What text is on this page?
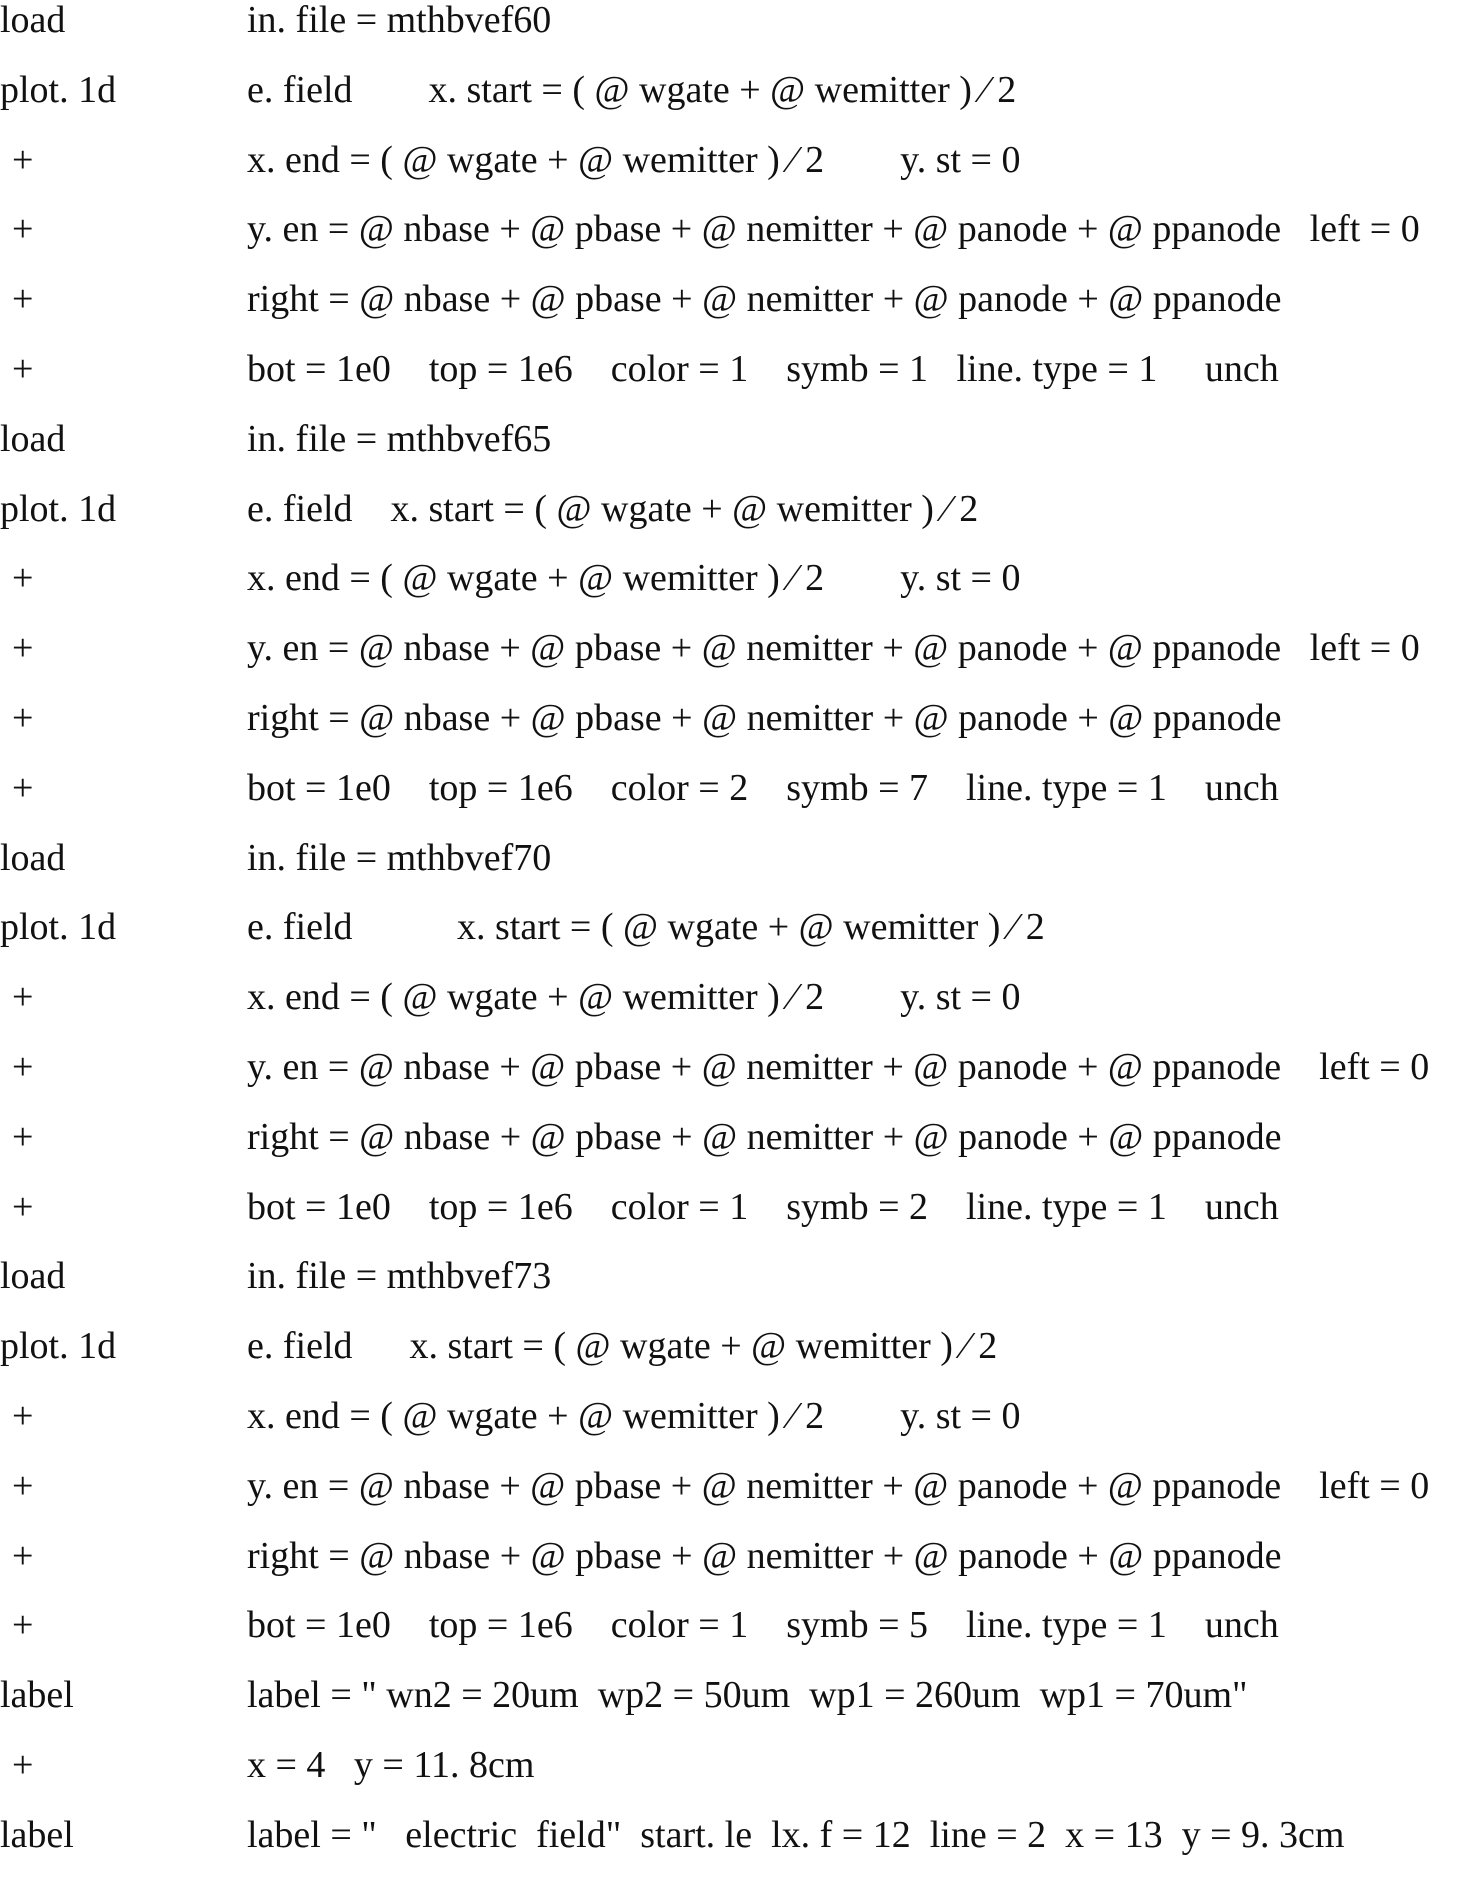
load	in. file = mthbvef60
plot. 1d	e. field        x. start = ( @ wgate + @ wemitter ) ⁄ 2
+	x. end = ( @ wgate + @ wemitter ) ⁄ 2        y. st = 0
+	y. en = @ nbase + @ pbase + @ nemitter + @ panode + @ ppanode   left = 0
+	right = @ nbase + @ pbase + @ nemitter + @ panode + @ ppanode
+	bot = 1e0    top = 1e6    color = 1    symb = 1   line. type = 1     unch
load	in. file = mthbvef65
plot. 1d	e. field    x. start = ( @ wgate + @ wemitter ) ⁄ 2
+	x. end = ( @ wgate + @ wemitter ) ⁄ 2        y. st = 0
+	y. en = @ nbase + @ pbase + @ nemitter + @ panode + @ ppanode   left = 0
+	right = @ nbase + @ pbase + @ nemitter + @ panode + @ ppanode
+	bot = 1e0    top = 1e6    color = 2    symb = 7    line. type = 1    unch
load	in. file = mthbvef70
plot. 1d	e. field           x. start = ( @ wgate + @ wemitter ) ⁄ 2
+	x. end = ( @ wgate + @ wemitter ) ⁄ 2        y. st = 0
+	y. en = @ nbase + @ pbase + @ nemitter + @ panode + @ ppanode    left = 0
+	right = @ nbase + @ pbase + @ nemitter + @ panode + @ ppanode
+	bot = 1e0    top = 1e6    color = 1    symb = 2    line. type = 1    unch
load	in. file = mthbvef73
plot. 1d	e. field      x. start = ( @ wgate + @ wemitter ) ⁄ 2
+	x. end = ( @ wgate + @ wemitter ) ⁄ 2        y. st = 0
+	y. en = @ nbase + @ pbase + @ nemitter + @ panode + @ ppanode    left = 0
+	right = @ nbase + @ pbase + @ nemitter + @ panode + @ ppanode
+	bot = 1e0    top = 1e6    color = 1    symb = 5    line. type = 1    unch
label	label = " wn2 = 20um  wp2 = 50um  wp1 = 260um  wp1 = 70um"
+	x = 4   y = 11. 8cm
label	label = "   electric  field"  start. le  lx. f = 12  line = 2  x = 13  y = 9. 3cm
